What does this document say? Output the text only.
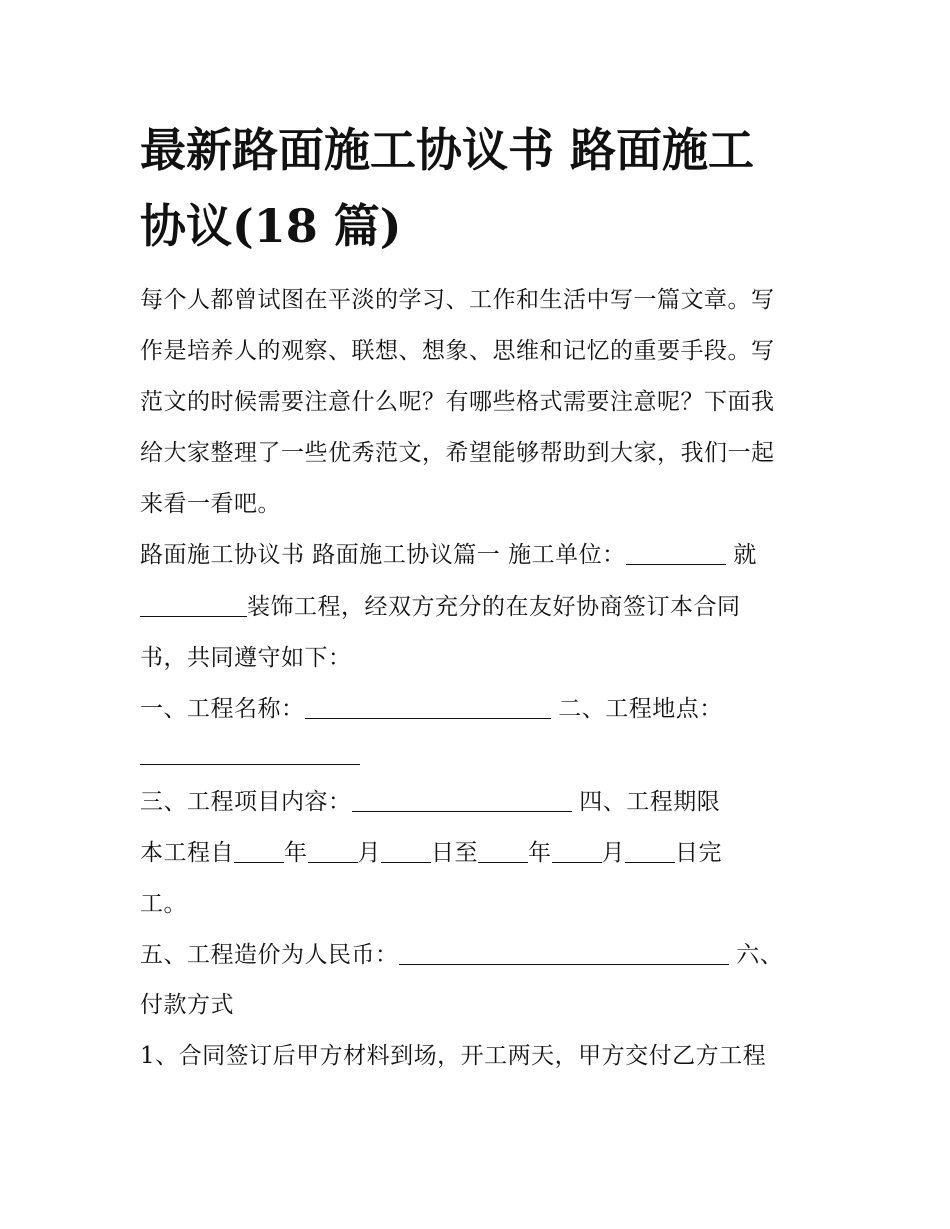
最新路面施工协议书 路面施工
协议(18 篇)

每个人都曾试图在平淡的学习、工作和生活中写一篇文章。写

作是培养人的观察、联想、想象、思维和记忆的重要手段。写

范文的时候需要注意什么呢？有哪些格式需要注意呢？下面我

给大家整理了一些优秀范文，希望能够帮助到大家，我们一起

来看一看吧。

路面施工协议书 路面施工协议篇一 施工单位：	就

装饰工程，经双方充分的在友好协商签订本合同

书，共同遵守如下：

一、工程名称：	二、工程地点：

三、工程项目内容：	四、工程期限

本工程自 年 月 日至 年 月 日完

工。

五、工程造价为人民币：	六、

付款方式

1、合同签订后甲方材料到场，开工两天，甲方交付乙方工程
